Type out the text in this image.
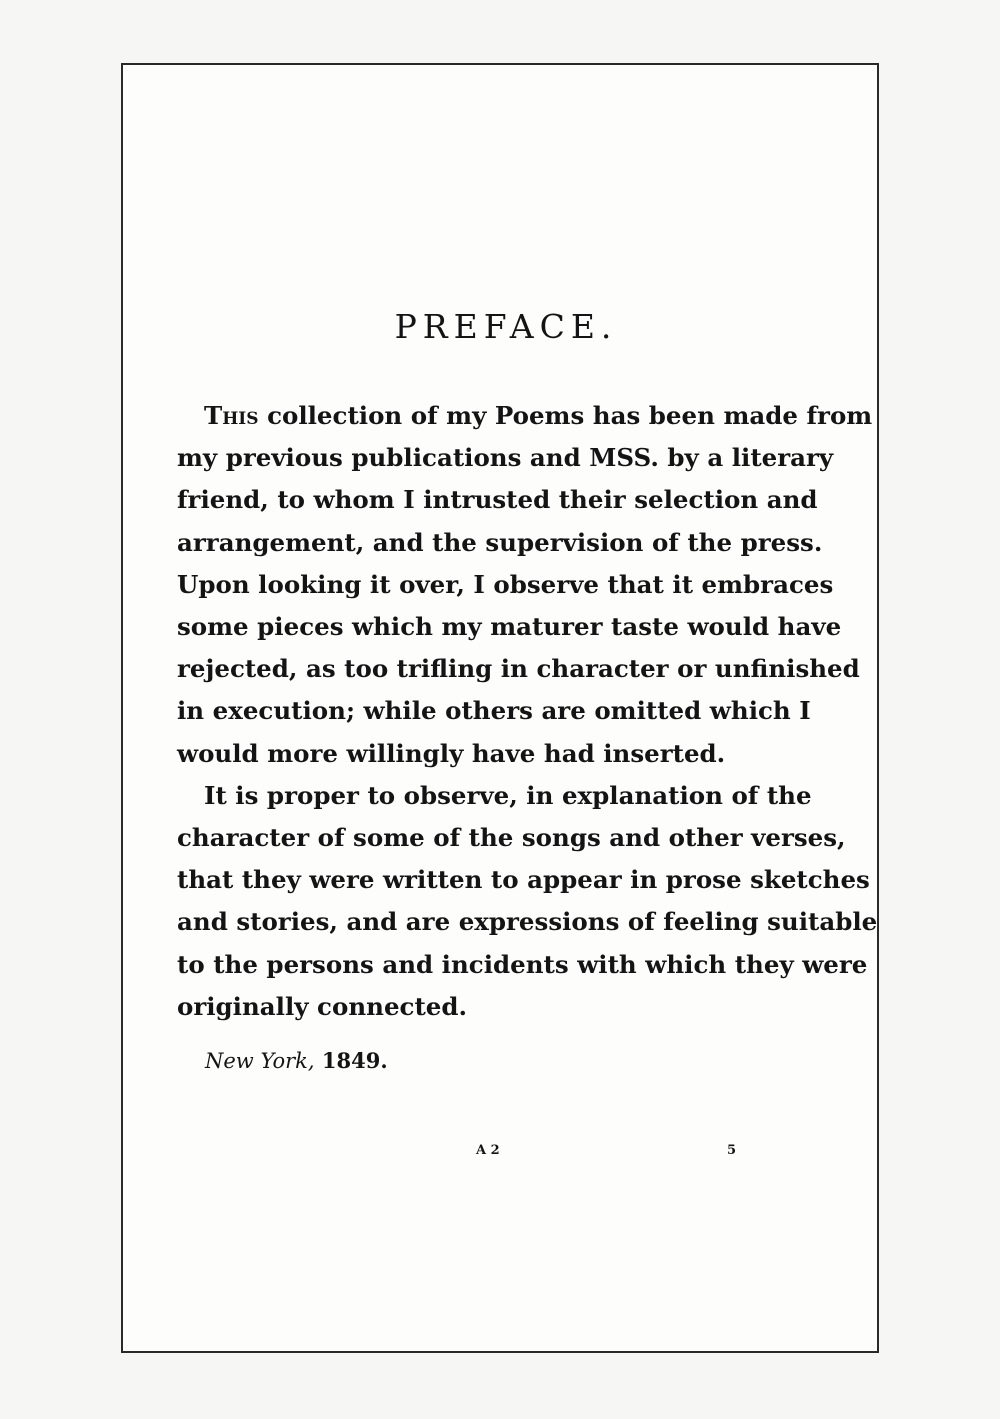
PREFACE.
This collection of my Poems has been made from
my previous publications and MSS. by a literary
friend, to whom I intrusted their selection and
arrangement, and the supervision of the press.
Upon looking it over, I observe that it embraces
some pieces which my maturer taste would have
rejected, as too trifling in character or unfinished
in execution; while others are omitted which I
would more willingly have had inserted.
It is proper to observe, in explanation of the
character of some of the songs and other verses,
that they were written to appear in prose sketches
and stories, and are expressions of feeling suitable
to the persons and incidents with which they were
originally connected.
New York, 1849.
A 2	5
